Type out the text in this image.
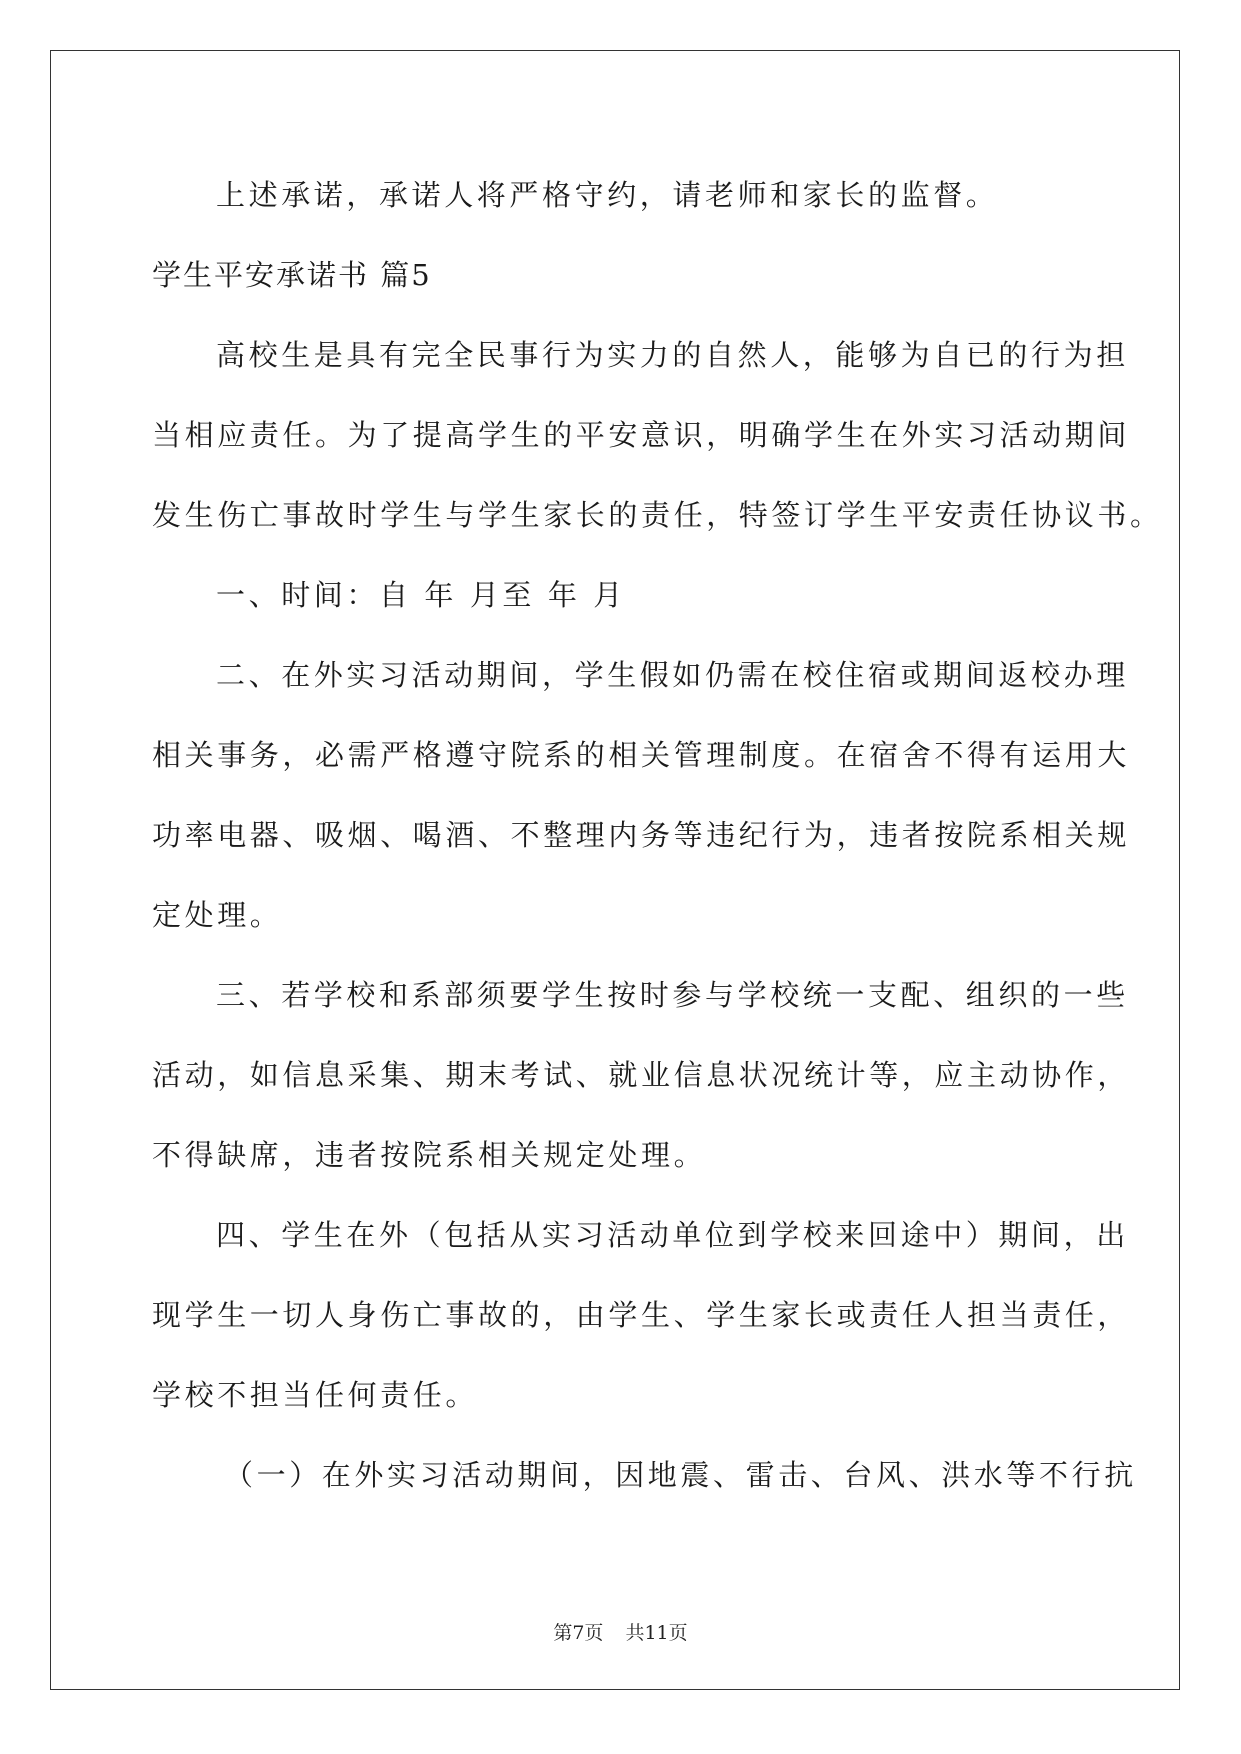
上述承诺，承诺人将严格守约，请老师和家长的监督。

学生平安承诺书 篇5

高校生是具有完全民事行为实力的自然人，能够为自已的行为担

当相应责任。为了提高学生的平安意识，明确学生在外实习活动期间

发生伤亡事故时学生与学生家长的责任，特签订学生平安责任协议书。

一、时间：自 年 月至 年 月

二、在外实习活动期间，学生假如仍需在校住宿或期间返校办理

相关事务，必需严格遵守院系的相关管理制度。在宿舍不得有运用大

功率电器、吸烟、喝酒、不整理内务等违纪行为，违者按院系相关规

定处理。

三、若学校和系部须要学生按时参与学校统一支配、组织的一些

活动，如信息采集、期末考试、就业信息状况统计等，应主动协作，

不得缺席，违者按院系相关规定处理。

四、学生在外（包括从实习活动单位到学校来回途中）期间，出

现学生一切人身伤亡事故的，由学生、学生家长或责任人担当责任，

学校不担当任何责任。

（一）在外实习活动期间，因地震、雷击、台风、洪水等不行抗

第7页 共11页
